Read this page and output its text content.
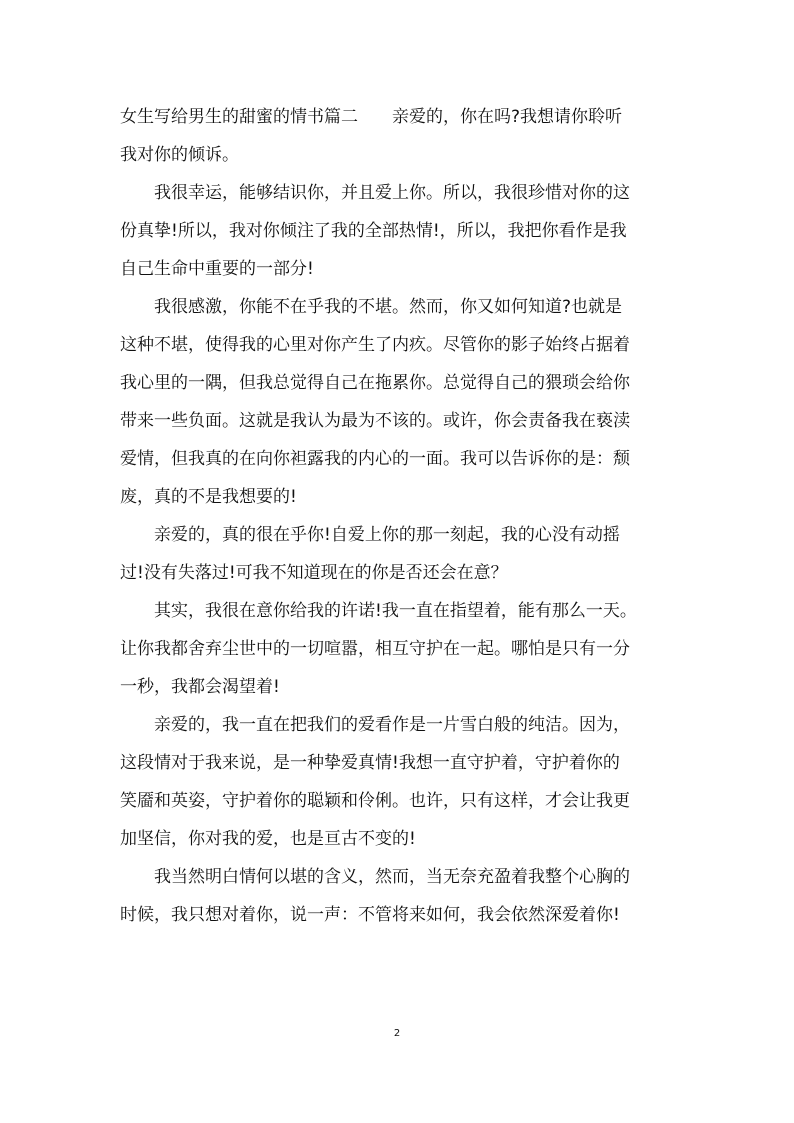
女生写给男生的甜蜜的情书篇二　　亲爱的，你在吗?我想请你聆听
我对你的倾诉。
　　我很幸运，能够结识你，并且爱上你。所以，我很珍惜对你的这
份真挚!所以，我对你倾注了我的全部热情!，所以，我把你看作是我
自己生命中重要的一部分!
　　我很感激，你能不在乎我的不堪。然而，你又如何知道?也就是
这种不堪，使得我的心里对你产生了内疚。尽管你的影子始终占据着
我心里的一隅，但我总觉得自己在拖累你。总觉得自己的猥琐会给你
带来一些负面。这就是我认为最为不该的。或许，你会责备我在亵渎
爱情，但我真的在向你袒露我的内心的一面。我可以告诉你的是：颓
废，真的不是我想要的!
　　亲爱的，真的很在乎你!自爱上你的那一刻起，我的心没有动摇
过!没有失落过!可我不知道现在的你是否还会在意？
　　其实，我很在意你给我的许诺!我一直在指望着，能有那么一天。
让你我都舍弃尘世中的一切喧嚣，相互守护在一起。哪怕是只有一分
一秒，我都会渴望着!
　　亲爱的，我一直在把我们的爱看作是一片雪白般的纯洁。因为，
这段情对于我来说，是一种挚爱真情!我想一直守护着，守护着你的
笑靥和英姿，守护着你的聪颖和伶俐。也许，只有这样，才会让我更
加坚信，你对我的爱，也是亘古不变的!
　　我当然明白情何以堪的含义，然而，当无奈充盈着我整个心胸的
时候，我只想对着你，说一声：不管将来如何，我会依然深爱着你!
2
